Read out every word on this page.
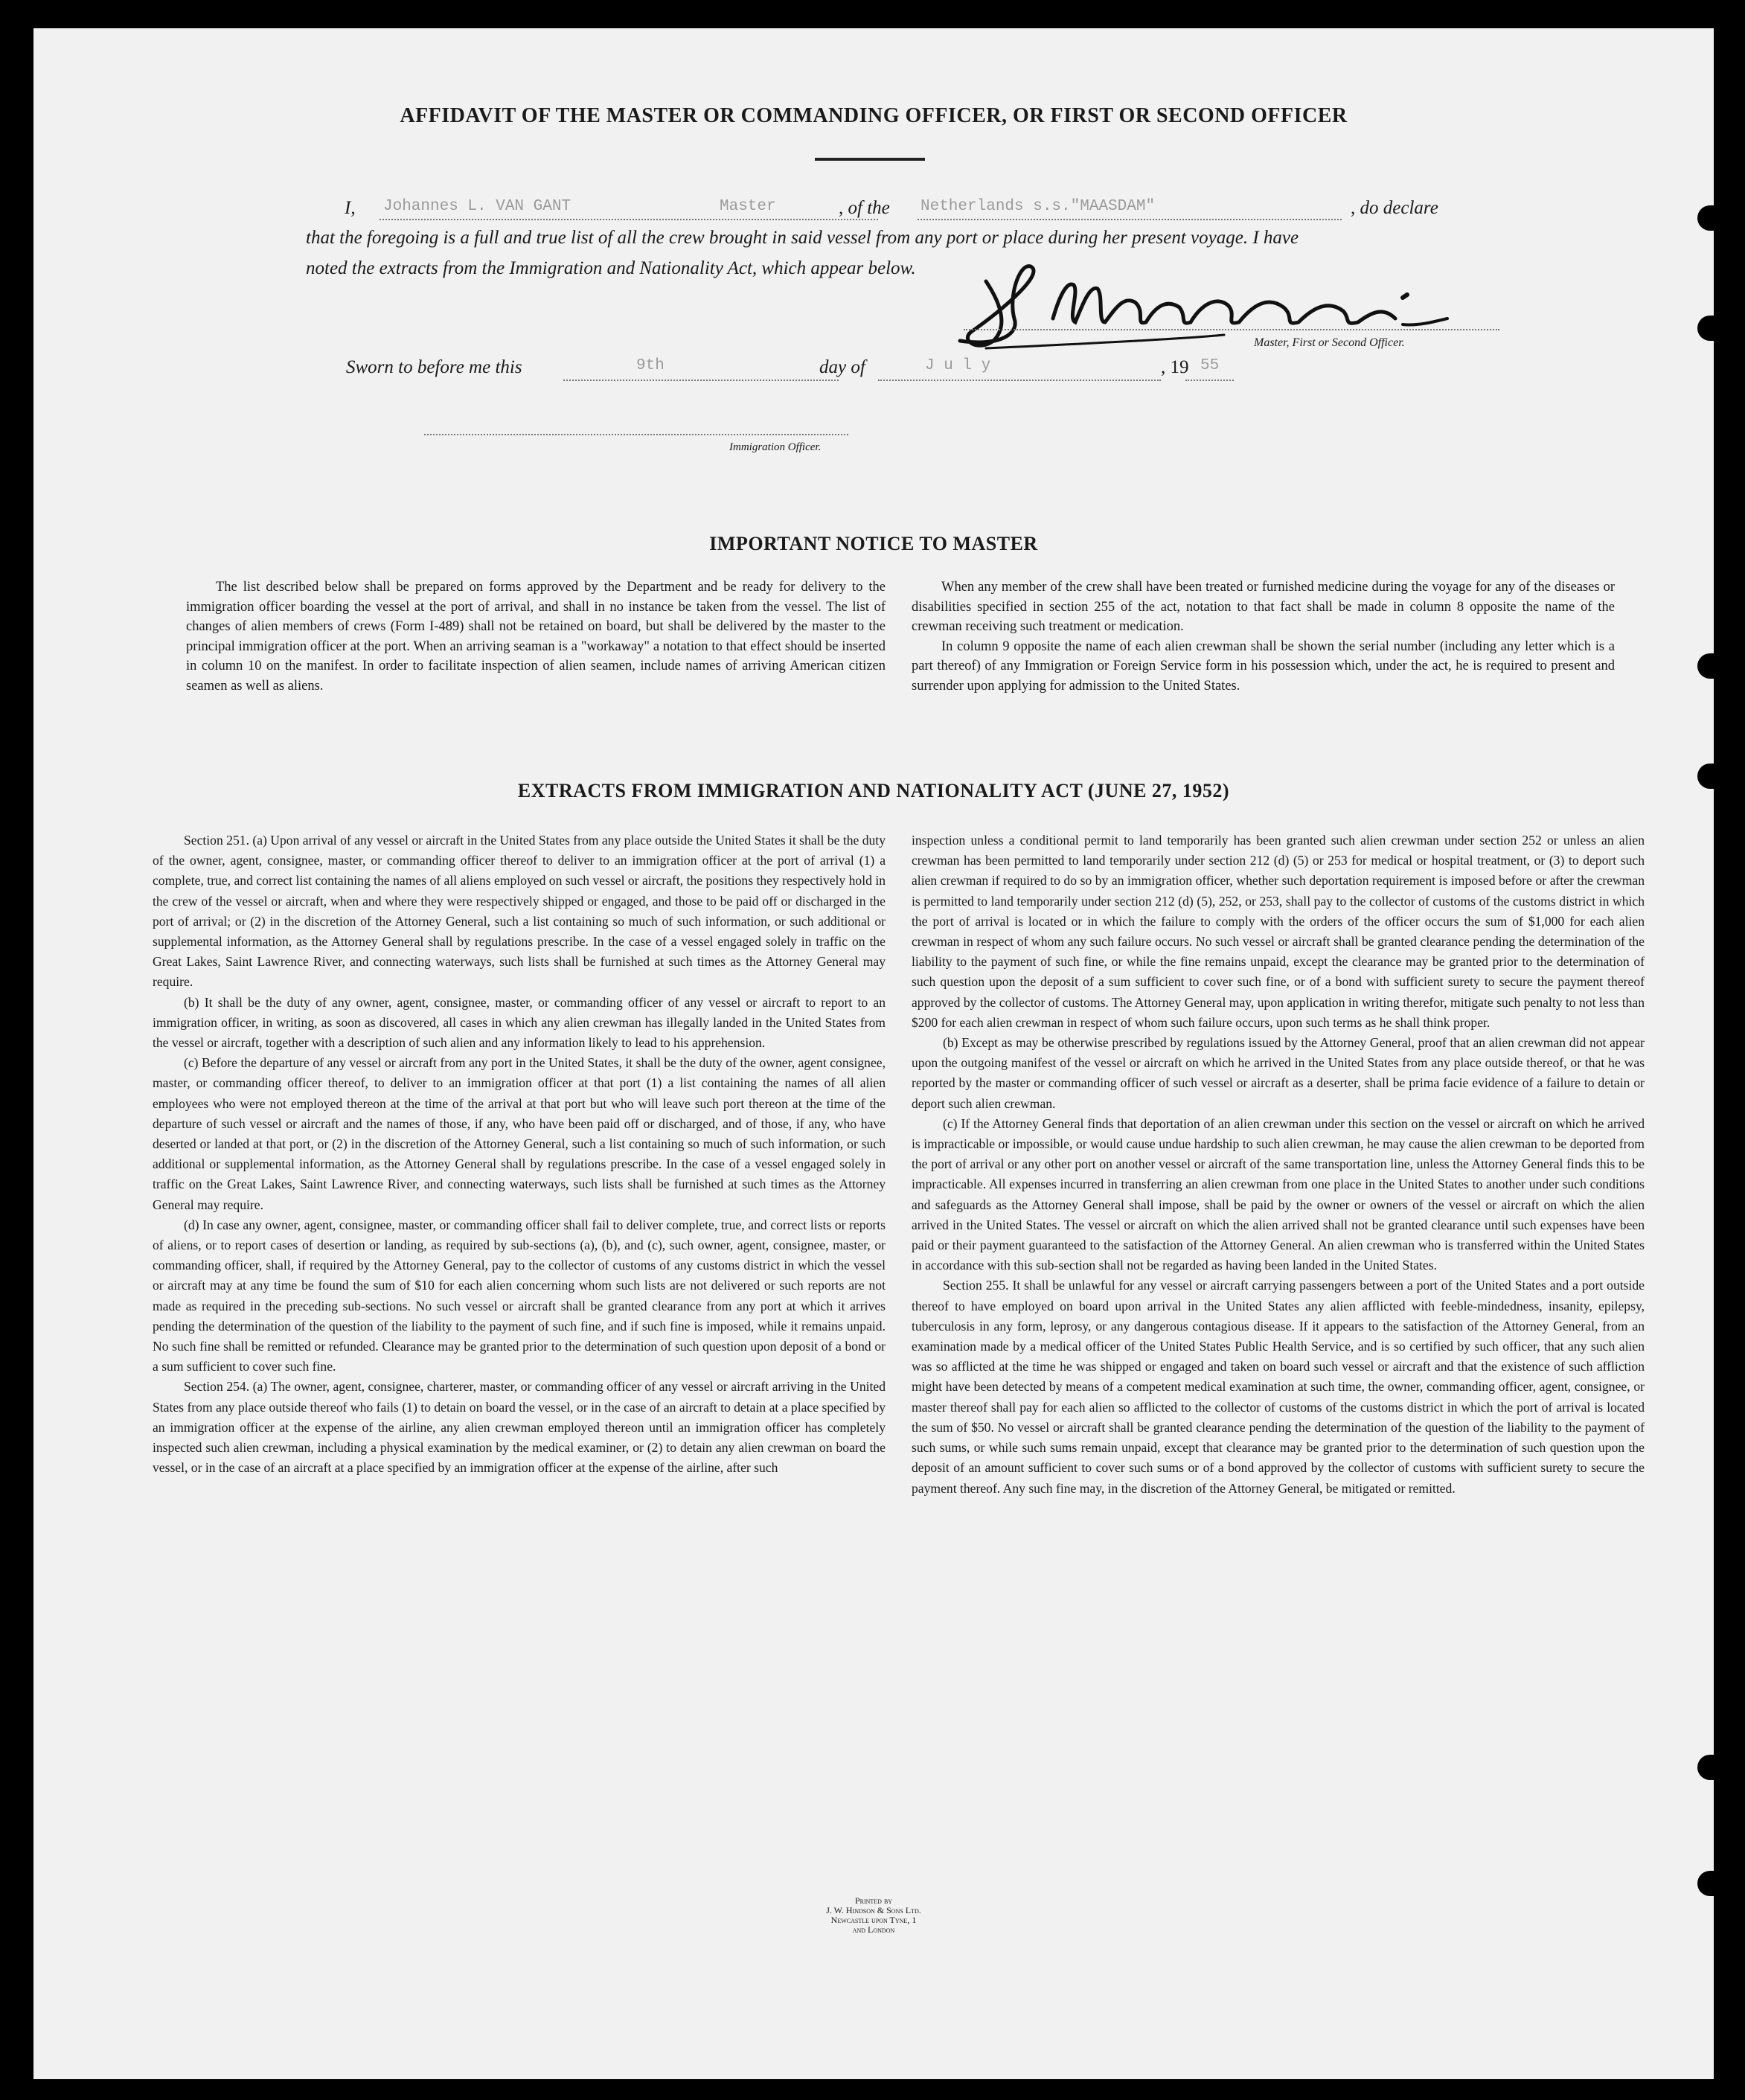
AFFIDAVIT OF THE MASTER OR COMMANDING OFFICER, OR FIRST OR SECOND OFFICER
I, Johannes L. VAN GANT	Master	, of the Netherlands s.s."MAASDAM"	, do declare
that the foregoing is a full and true list of all the crew brought in said vessel from any port or place during her present voyage. I have
noted the extracts from the Immigration and Nationality Act, which appear below.
Master, First or Second Officer.
Sworn to before me this	9th	day of	J u l y	, 19 55
Immigration Officer.
IMPORTANT NOTICE TO MASTER

The list described below shall be prepared on forms approved by the Department and be ready for delivery to the immigration officer boarding the vessel at the port of arrival, and shall in no instance be taken from the vessel. The list of changes of alien members of crews (Form I-489) shall not be retained on board, but shall be delivered by the master to the principal immigration officer at the port. When an arriving seaman is a "workaway" a notation to that effect should be inserted in column 10 on the manifest. In order to facilitate inspection of alien seamen, include names of arriving American citizen seamen as well as aliens.

When any member of the crew shall have been treated or furnished medicine during the voyage for any of the diseases or disabilities specified in section 255 of the act, notation to that fact shall be made in column 8 opposite the name of the crewman receiving such treatment or medication.

In column 9 opposite the name of each alien crewman shall be shown the serial number (including any letter which is a part thereof) of any Immigration or Foreign Service form in his possession which, under the act, he is required to present and surrender upon applying for admission to the United States.

EXTRACTS FROM IMMIGRATION AND NATIONALITY ACT (JUNE 27, 1952)

Section 251. (a) Upon arrival of any vessel or aircraft in the United States from any place outside the United States it shall be the duty of the owner, agent, consignee, master, or commanding officer thereof to deliver to an immigration officer at the port of arrival (1) a complete, true, and correct list containing the names of all aliens employed on such vessel or aircraft, the positions they respectively hold in the crew of the vessel or aircraft, when and where they were respectively shipped or engaged, and those to be paid off or discharged in the port of arrival; or (2) in the discretion of the Attorney General, such a list containing so much of such information, or such additional or supplemental information, as the Attorney General shall by regulations prescribe. In the case of a vessel engaged solely in traffic on the Great Lakes, Saint Lawrence River, and connecting waterways, such lists shall be furnished at such times as the Attorney General may require.

(b) It shall be the duty of any owner, agent, consignee, master, or commanding officer of any vessel or aircraft to report to an immigration officer, in writing, as soon as discovered, all cases in which any alien crewman has illegally landed in the United States from the vessel or aircraft, together with a description of such alien and any information likely to lead to his apprehension.

(c) Before the departure of any vessel or aircraft from any port in the United States, it shall be the duty of the owner, agent consignee, master, or commanding officer thereof, to deliver to an immigration officer at that port (1) a list containing the names of all alien employees who were not employed thereon at the time of the arrival at that port but who will leave such port thereon at the time of the departure of such vessel or aircraft and the names of those, if any, who have been paid off or discharged, and of those, if any, who have deserted or landed at that port, or (2) in the discretion of the Attorney General, such a list containing so much of such information, or such additional or supplemental information, as the Attorney General shall by regulations prescribe. In the case of a vessel engaged solely in traffic on the Great Lakes, Saint Lawrence River, and connecting waterways, such lists shall be furnished at such times as the Attorney General may require.

(d) In case any owner, agent, consignee, master, or commanding officer shall fail to deliver complete, true, and correct lists or reports of aliens, or to report cases of desertion or landing, as required by sub-sections (a), (b), and (c), such owner, agent, consignee, master, or commanding officer, shall, if required by the Attorney General, pay to the collector of customs of any customs district in which the vessel or aircraft may at any time be found the sum of $10 for each alien concerning whom such lists are not delivered or such reports are not made as required in the preceding sub-sections. No such vessel or aircraft shall be granted clearance from any port at which it arrives pending the determination of the question of the liability to the payment of such fine, and if such fine is imposed, while it remains unpaid. No such fine shall be remitted or refunded. Clearance may be granted prior to the determination of such question upon deposit of a bond or a sum sufficient to cover such fine.

Section 254. (a) The owner, agent, consignee, charterer, master, or commanding officer of any vessel or aircraft arriving in the United States from any place outside thereof who fails (1) to detain on board the vessel, or in the case of an aircraft to detain at a place specified by an immigration officer at the expense of the airline, any alien crewman employed thereon until an immigration officer has completely inspected such alien crewman, including a physical examination by the medical examiner, or (2) to detain any alien crewman on board the vessel, or in the case of an aircraft at a place specified by an immigration officer at the expense of the airline, after such

inspection unless a conditional permit to land temporarily has been granted such alien crewman under section 252 or unless an alien crewman has been permitted to land temporarily under section 212 (d) (5) or 253 for medical or hospital treatment, or (3) to deport such alien crewman if required to do so by an immigration officer, whether such deportation requirement is imposed before or after the crewman is permitted to land temporarily under section 212 (d) (5), 252, or 253, shall pay to the collector of customs of the customs district in which the port of arrival is located or in which the failure to comply with the orders of the officer occurs the sum of $1,000 for each alien crewman in respect of whom any such failure occurs. No such vessel or aircraft shall be granted clearance pending the determination of the liability to the payment of such fine, or while the fine remains unpaid, except the clearance may be granted prior to the determination of such question upon the deposit of a sum sufficient to cover such fine, or of a bond with sufficient surety to secure the payment thereof approved by the collector of customs. The Attorney General may, upon application in writing therefor, mitigate such penalty to not less than $200 for each alien crewman in respect of whom such failure occurs, upon such terms as he shall think proper.

(b) Except as may be otherwise prescribed by regulations issued by the Attorney General, proof that an alien crewman did not appear upon the outgoing manifest of the vessel or aircraft on which he arrived in the United States from any place outside thereof, or that he was reported by the master or commanding officer of such vessel or aircraft as a deserter, shall be prima facie evidence of a failure to detain or deport such alien crewman.

(c) If the Attorney General finds that deportation of an alien crewman under this section on the vessel or aircraft on which he arrived is impracticable or impossible, or would cause undue hardship to such alien crewman, he may cause the alien crewman to be deported from the port of arrival or any other port on another vessel or aircraft of the same transportation line, unless the Attorney General finds this to be impracticable. All expenses incurred in transferring an alien crewman from one place in the United States to another under such conditions and safeguards as the Attorney General shall impose, shall be paid by the owner or owners of the vessel or aircraft on which the alien arrived in the United States. The vessel or aircraft on which the alien arrived shall not be granted clearance until such expenses have been paid or their payment guaranteed to the satisfaction of the Attorney General. An alien crewman who is transferred within the United States in accordance with this sub-section shall not be regarded as having been landed in the United States.

Section 255. It shall be unlawful for any vessel or aircraft carrying passengers between a port of the United States and a port outside thereof to have employed on board upon arrival in the United States any alien afflicted with feeble-mindedness, insanity, epilepsy, tuberculosis in any form, leprosy, or any dangerous contagious disease. If it appears to the satisfaction of the Attorney General, from an examination made by a medical officer of the United States Public Health Service, and is so certified by such officer, that any such alien was so afflicted at the time he was shipped or engaged and taken on board such vessel or aircraft and that the existence of such affliction might have been detected by means of a competent medical examination at such time, the owner, commanding officer, agent, consignee, or master thereof shall pay for each alien so afflicted to the collector of customs of the customs district in which the port of arrival is located the sum of $50. No vessel or aircraft shall be granted clearance pending the determination of the question of the liability to the payment of such sums, or while such sums remain unpaid, except that clearance may be granted prior to the determination of such question upon the deposit of an amount sufficient to cover such sums or of a bond approved by the collector of customs with sufficient surety to secure the payment thereof. Any such fine may, in the discretion of the Attorney General, be mitigated or remitted.

Printed by
J. W. Hindson & Sons Ltd.
Newcastle upon Tyne, 1
and London
